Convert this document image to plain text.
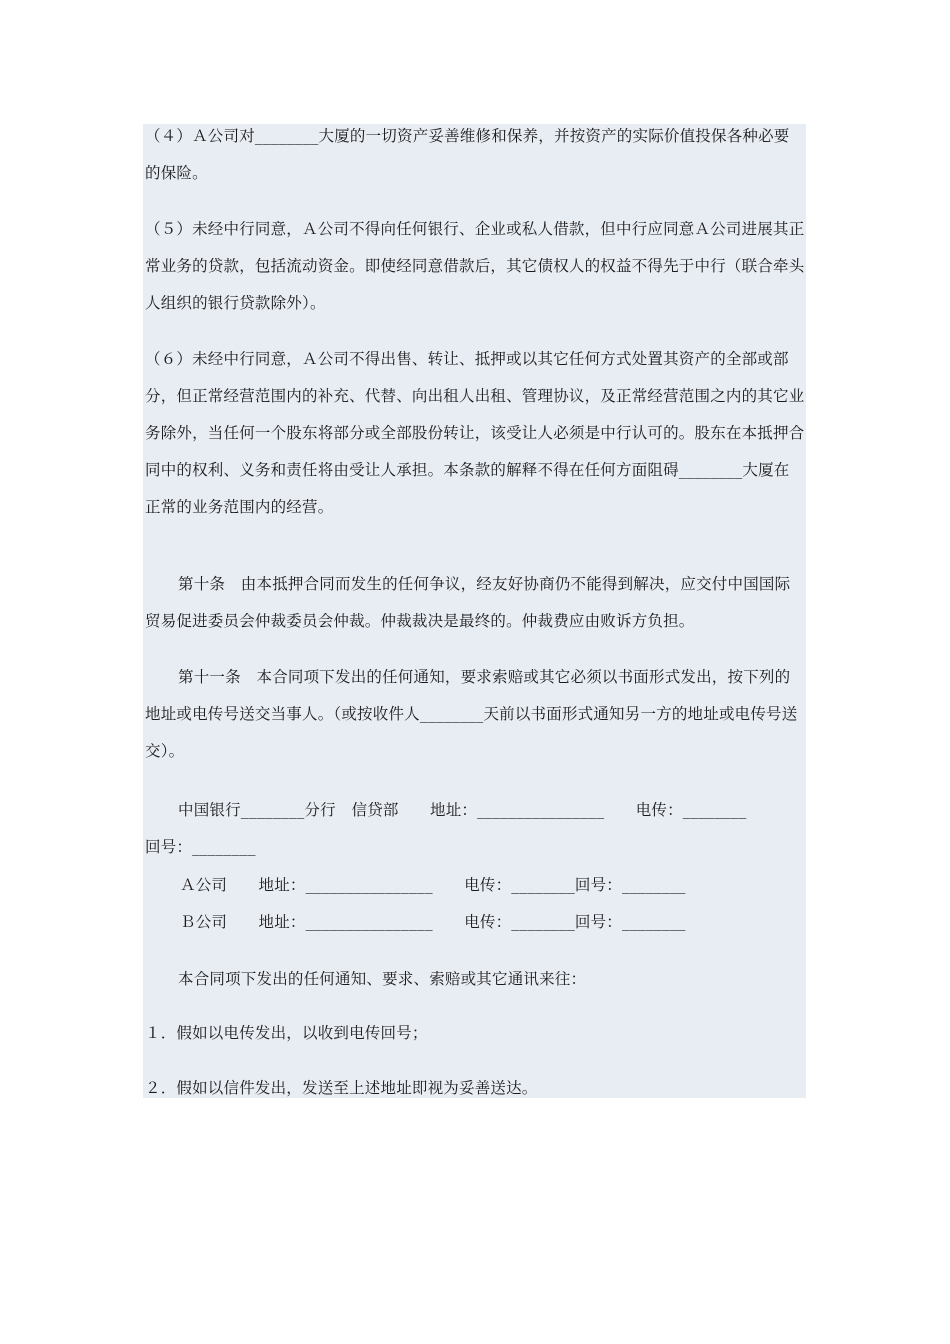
（４）Ａ公司对________大厦的一切资产妥善维修和保养，并按资产的实际价值投保各种必要的保险。
（５）未经中行同意，Ａ公司不得向任何银行、企业或私人借款，但中行应同意Ａ公司进展其正常业务的贷款，包括流动资金。即使经同意借款后，其它债权人的权益不得先于中行（联合牵头人组织的银行贷款除外）。
（６）未经中行同意，Ａ公司不得出售、转让、抵押或以其它任何方式处置其资产的全部或部分，但正常经营范围内的补充、代替、向出租人出租、管理协议，及正常经营范围之内的其它业务除外，当任何一个股东将部分或全部股份转让，该受让人必须是中行认可的。股东在本抵押合同中的权利、义务和责任将由受让人承担。本条款的解释不得在任何方面阻碍________大厦在正常的业务范围内的经营。
第十条　由本抵押合同而发生的任何争议，经友好协商仍不能得到解决，应交付中国国际贸易促进委员会仲裁委员会仲裁。仲裁裁决是最终的。仲裁费应由败诉方负担。
第十一条　本合同项下发出的任何通知，要求索赔或其它必须以书面形式发出，按下列的地址或电传号送交当事人。（或按收件人________天前以书面形式通知另一方的地址或电传号送交）。
中国银行________分行　信贷部　　地址：________________　　电传：________
回号：________
Ａ公司　　地址：________________　　电传：________回号：________
Ｂ公司　　地址：________________　　电传：________回号：________
本合同项下发出的任何通知、要求、索赔或其它通讯来往：
１．假如以电传发出，以收到电传回号；
２．假如以信件发出，发送至上述地址即视为妥善送达。
